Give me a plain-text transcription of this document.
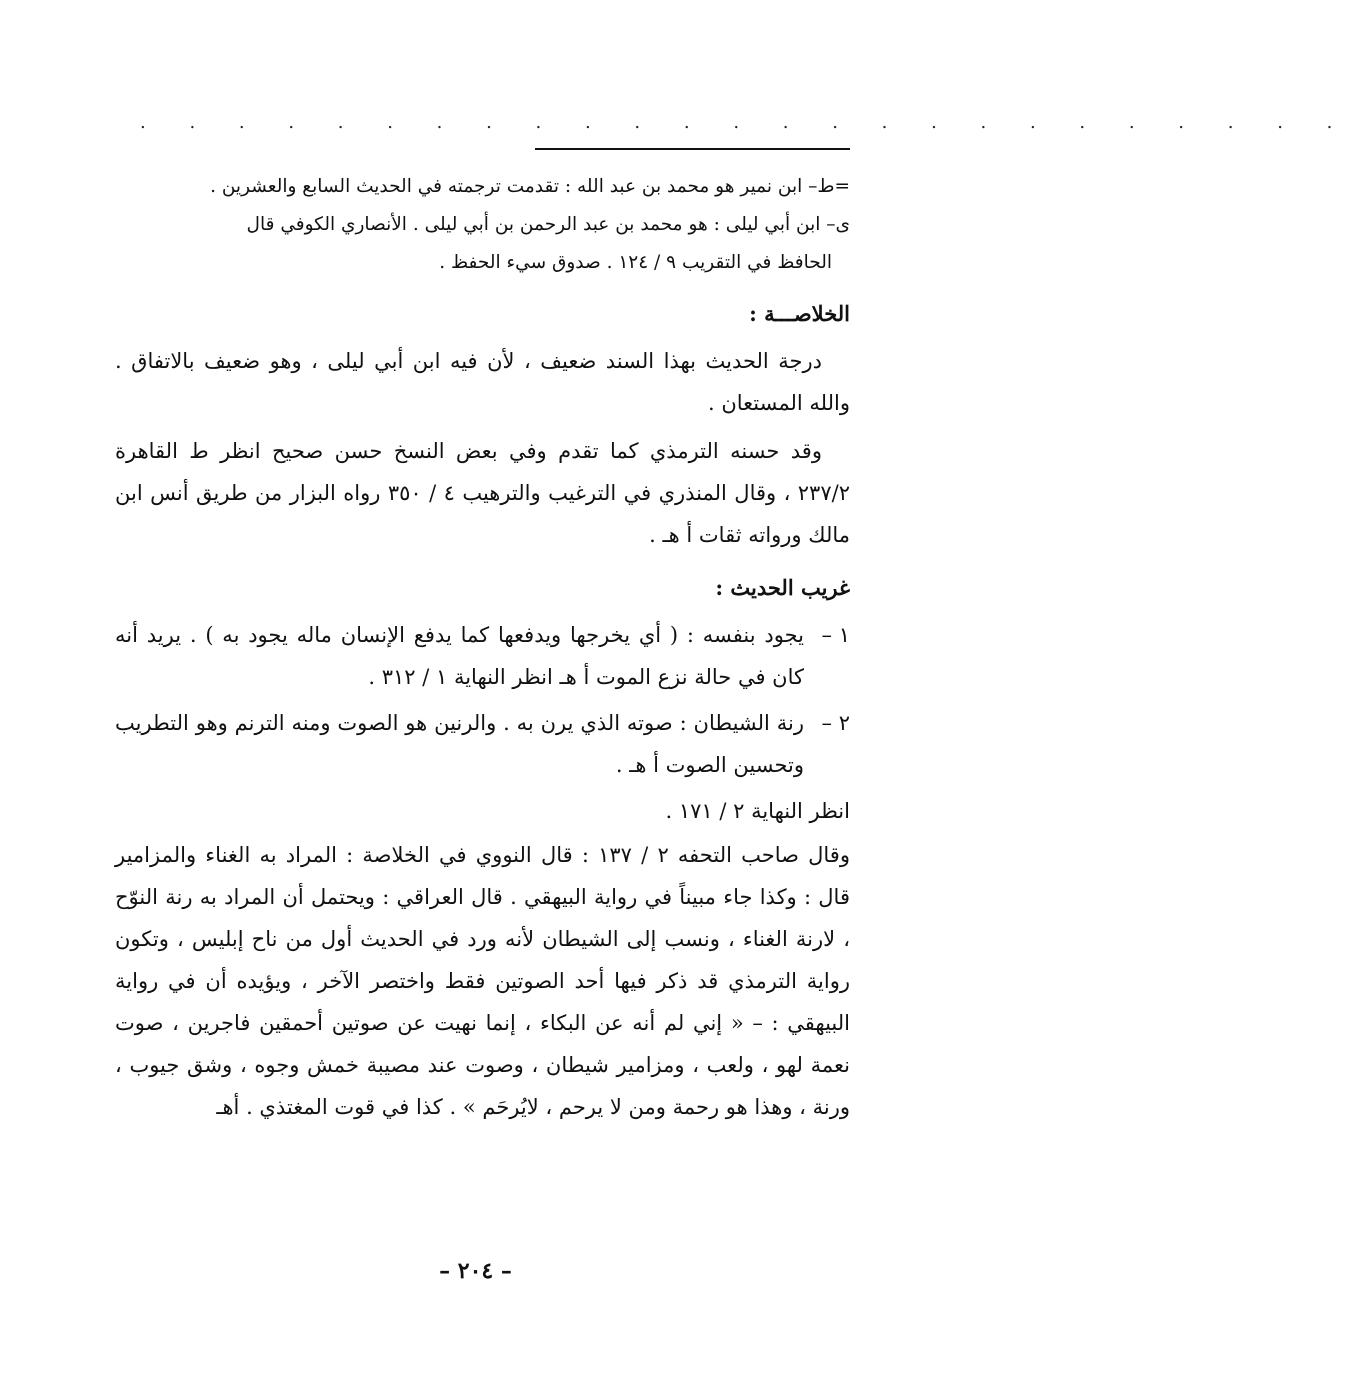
. . . . . . . . . . . . . . . . . . . . . . . . .

=ط– ابن نمير هو محمد بن عبد الله : تقدمت ترجمته في الحديث السابع والعشرين .

ى– ابن أبي ليلى : هو محمد بن عبد الرحمن بن أبي ليلى . الأنصاري الكوفي قال
الحافظ في التقريب ٩ / ١٢٤ . صدوق سيء الحفظ .

الخلاصـــة :

درجة الحديث بهذا السند ضعيف ، لأن فيه ابن أبي ليلى ، وهو ضعيف بالاتفاق . والله المستعان .

وقد حسنه الترمذي كما تقدم وفي بعض النسخ حسن صحيح انظر ط القاهرة ٢٣٧/٢ ، وقال المنذري في الترغيب والترهيب ٤ / ٣٥٠ رواه البزار من طريق أنس ابن مالك ورواته ثقات أ هـ .

غريب الحديث :

١ –
يجود بنفسه : ( أي يخرجها ويدفعها كما يدفع الإنسان ماله يجود به ) . يريد أنه كان في حالة نزع الموت أ هـ انظر النهاية ١ / ٣١٢ .

٢ –
رنة الشيطان : صوته الذي يرن به . والرنين هو الصوت ومنه الترنم وهو التطريب وتحسين الصوت أ هـ .

انظر النهاية ٢ / ١٧١ .

وقال صاحب التحفه ٢ / ١٣٧ : قال النووي في الخلاصة : المراد به الغناء والمزامير قال : وكذا جاء مبيناً في رواية البيهقي . قال العراقي : ويحتمل أن المراد به رنة النوّح ، لارنة الغناء ، ونسب إلى الشيطان لأنه ورد في الحديث أول من ناح إبليس ، وتكون رواية الترمذي قد ذكر فيها أحد الصوتين فقط واختصر الآخر ، ويؤيده أن في رواية البيهقي : – « إني لم أنه عن البكاء ، إنما نهيت عن صوتين أحمقين فاجرين ، صوت نعمة لهو ، ولعب ، ومزامير شيطان ، وصوت عند مصيبة خمش وجوه ، وشق جيوب ، ورنة ، وهذا هو رحمة ومن لا يرحم ، لايُرحَم » . كذا في قوت المغتذي . أهـ

– ٢٠٤ –
